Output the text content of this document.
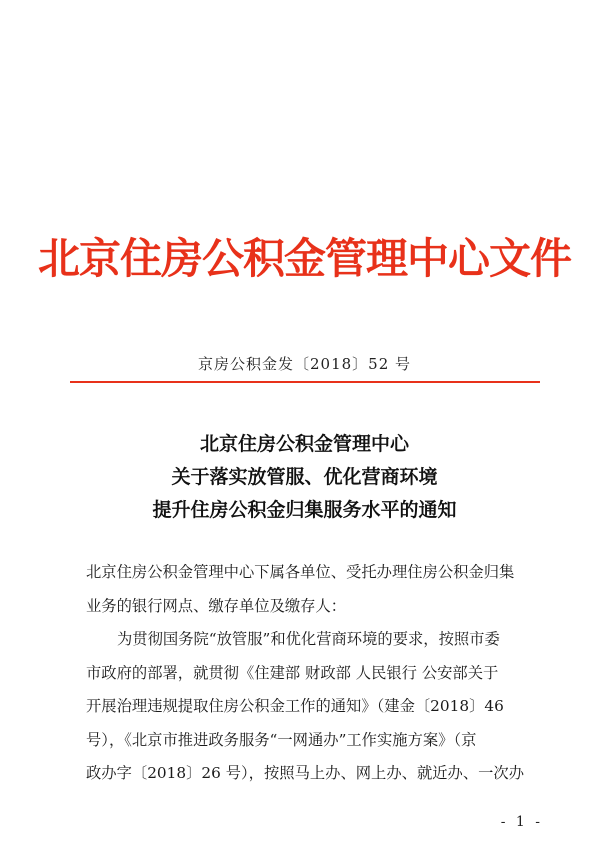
北京住房公积金管理中心文件
京房公积金发〔2018〕52 号
北京住房公积金管理中心
关于落实放管服、优化营商环境
提升住房公积金归集服务水平的通知

北京住房公积金管理中心下属各单位、受托办理住房公积金归集
业务的银行网点、缴存单位及缴存人：

为贯彻国务院“放管服”和优化营商环境的要求，按照市委
市政府的部署，就贯彻《住建部 财政部 人民银行 公安部关于
开展治理违规提取住房公积金工作的通知》（建金〔2018〕46
号），《北京市推进政务服务“一网通办”工作实施方案》（京
政办字〔2018〕26 号），按照马上办、网上办、就近办、一次办

- 1 -
